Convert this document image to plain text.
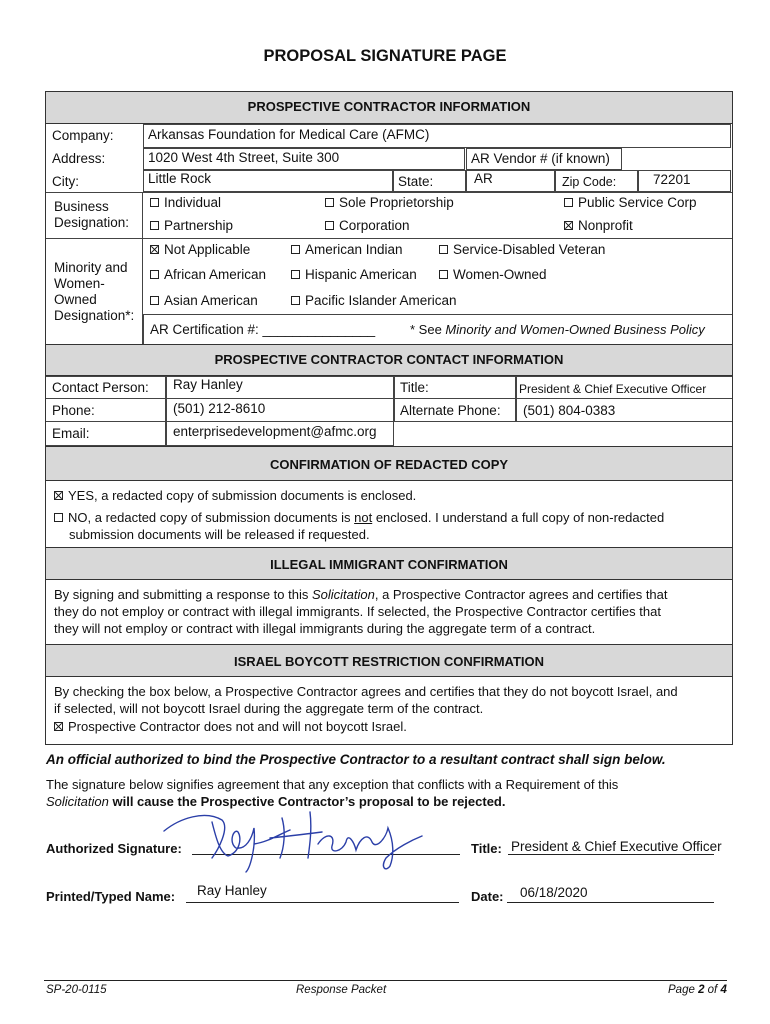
PROPOSAL SIGNATURE PAGE
PROSPECTIVE CONTRACTOR INFORMATION
Company:	Arkansas Foundation for Medical Care (AFMC)
Address:	1020 West 4th Street, Suite 300	AR Vendor # (if known)
City:	Little Rock	State:	AR	Zip Code:	72201
Business
Designation:
Individual	Sole Proprietorship	Public Service Corp
Partnership	Corporation	Nonprofit
Minority and
Women-
Owned
Designation*:
Not Applicable	American Indian	Service-Disabled Veteran
African American	Hispanic American	Women-Owned
Asian American	Pacific Islander American
AR Certification #: _______________	* See Minority and Women-Owned Business Policy
PROSPECTIVE CONTRACTOR CONTACT INFORMATION
Contact Person: Ray Hanley	Title:	President & Chief Executive Officer
Phone:	(501) 212-8610	Alternate Phone: (501) 804-0383
Email:	enterprisedevelopment@afmc.org
CONFIRMATION OF REDACTED COPY
YES, a redacted copy of submission documents is enclosed.
NO, a redacted copy of submission documents is not enclosed. I understand a full copy of non-redacted
submission documents will be released if requested.
ILLEGAL IMMIGRANT CONFIRMATION
By signing and submitting a response to this Solicitation, a Prospective Contractor agrees and certifies that
they do not employ or contract with illegal immigrants. If selected, the Prospective Contractor certifies that
they will not employ or contract with illegal immigrants during the aggregate term of a contract.
ISRAEL BOYCOTT RESTRICTION CONFIRMATION
By checking the box below, a Prospective Contractor agrees and certifies that they do not boycott Israel, and
if selected, will not boycott Israel during the aggregate term of the contract.
Prospective Contractor does not and will not boycott Israel.
An official authorized to bind the Prospective Contractor to a resultant contract shall sign below.
The signature below signifies agreement that any exception that conflicts with a Requirement of this
Solicitation will cause the Prospective Contractor’s proposal to be rejected.
Authorized Signature:	Title: President & Chief Executive Officer
Printed/Typed Name: Ray Hanley	Date: 06/18/2020
SP-20-0115	Response Packet	Page 2 of 4
